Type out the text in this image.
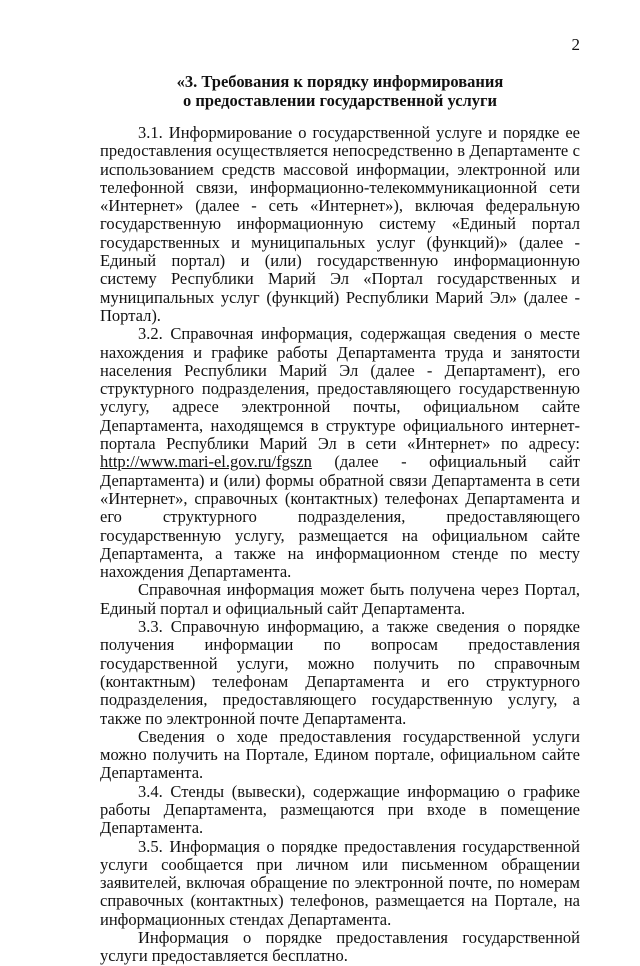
2
«3. Требования к порядку информирования
о предоставлении государственной услуги

3.1. Информирование о государственной услуге и порядке ее предоставления осуществляется непосредственно в Департаменте с использованием средств массовой информации, электронной или телефонной связи, информационно-телекоммуникационной сети «Интернет» (далее - сеть «Интернет»), включая федеральную государственную информационную систему «Единый портал государственных и муниципальных услуг (функций)» (далее - Единый портал) и (или) государственную информационную систему Республики Марий Эл «Портал государственных и муниципальных услуг (функций) Республики Марий Эл» (далее - Портал).

3.2. Справочная информация, содержащая сведения о месте нахождения и графике работы Департамента труда и занятости населения Республики Марий Эл (далее - Департамент), его структурного подразделения, предоставляющего государственную услугу, адресе электронной почты, официальном сайте Департамента, находящемся в структуре официального интернет-портала Республики Марий Эл в сети «Интернет» по адресу: http://www.mari-el.gov.ru/fgszn (далее - официальный сайт Департамента) и (или) формы обратной связи Департамента в сети «Интернет», справочных (контактных) телефонах Департамента и его структурного подразделения, предоставляющего государственную услугу, размещается на официальном сайте Департамента, а также на информационном стенде по месту нахождения Департамента.

Справочная информация может быть получена через Портал, Единый портал и официальный сайт Департамента.

3.3. Справочную информацию, а также сведения о порядке получения информации по вопросам предоставления государственной услуги, можно получить по справочным (контактным) телефонам Департамента и его структурного подразделения, предоставляющего государственную услугу, а также по электронной почте Департамента.

Сведения о ходе предоставления государственной услуги можно получить на Портале, Едином портале, официальном сайте Департамента.

3.4. Стенды (вывески), содержащие информацию о графике работы Департамента, размещаются при входе в помещение Департамента.

3.5. Информация о порядке предоставления государственной услуги сообщается при личном или письменном обращении заявителей, включая обращение по электронной почте, по номерам справочных (контактных) телефонов, размещается на Портале, на информационных стендах Департамента.

Информация о порядке предоставления государственной услуги предоставляется бесплатно.
